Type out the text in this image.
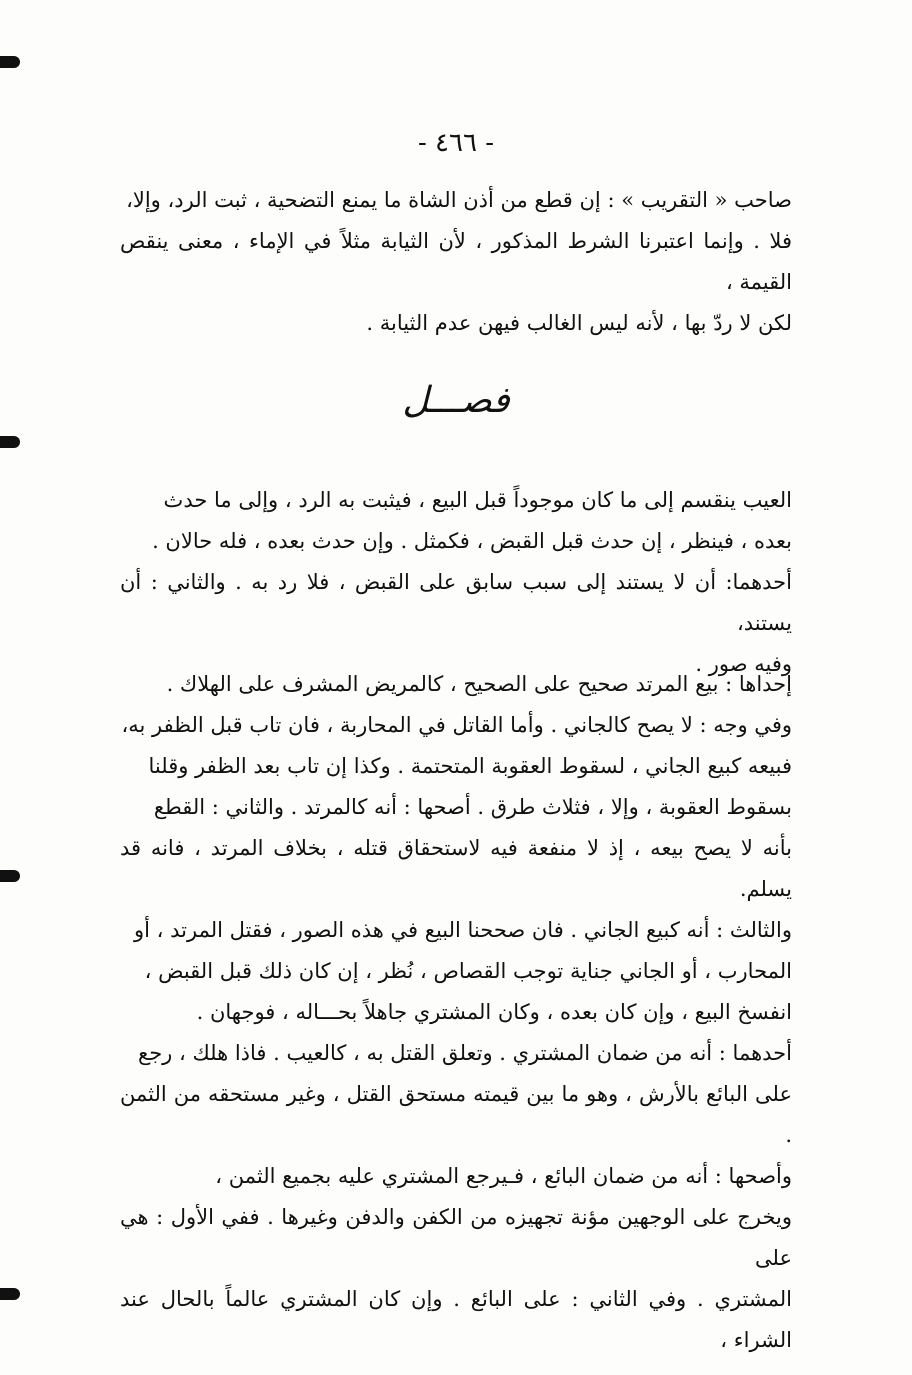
- ٤٦٦ -

صاحب « التقريب » : إن قطع من أذن الشاة ما يمنع التضحية ، ثبت الرد، وإلا،

فلا . وإنما اعتبرنا الشرط المذكور ، لأن الثيابة مثلاً في الإماء ، معنى ينقص القيمة ،

لكن لا ردّ بها ، لأنه ليس الغالب فيهن عدم الثيابة .

فصـــل

العيب ينقسم إلى ما كان موجوداً قبل البيع ، فيثبت به الرد ، وإلى ما حدث

بعده ، فينظر ، إن حدث قبل القبض ، فكمثل . وإن حدث بعده ، فله حالان .

أحدهما: أن لا يستند إلى سبب سابق على القبض ، فلا رد به . والثاني : أن يستند،

وفيه صور .

إحداها : بيع المرتد صحيح على الصحيح ، كالمريض المشرف على الهلاك .

وفي وجه : لا يصح كالجاني . وأما القاتل في المحاربة ، فان تاب قبل الظفر به،

فبيعه كبيع الجاني ، لسقوط العقوبة المتحتمة . وكذا إن تاب بعد الظفر وقلنا

بسقوط العقوبة ، وإلا ، فثلاث طرق . أصحها : أنه كالمرتد . والثاني : القطع

بأنه لا يصح بيعه ، إذ لا منفعة فيه لاستحقاق قتله ، بخلاف المرتد ، فانه قد يسلم.

والثالث : أنه كبيع الجاني . فان صححنا البيع في هذه الصور ، فقتل المرتد ، أو

المحارب ، أو الجاني جناية توجب القصاص ، نُظر ، إن كان ذلك قبل القبض ،

انفسخ البيع ، وإن كان بعده ، وكان المشتري جاهلاً بحـــاله ، فوجهان .

أحدهما : أنه من ضمان المشتري . وتعلق القتل به ، كالعيب . فاذا هلك ، رجع

على البائع بالأرش ، وهو ما بين قيمته مستحق القتل ، وغير مستحقه من الثمن .

وأصحها : أنه من ضمان البائع ، فـيرجع المشتري عليه بجميع الثمن ،

ويخرج على الوجهين مؤنة تجهيزه من الكفن والدفن وغيرها . ففي الأول : هي على

المشتري . وفي الثاني : على البائع . وإن كان المشتري عالماً بالحال عند الشراء ،
